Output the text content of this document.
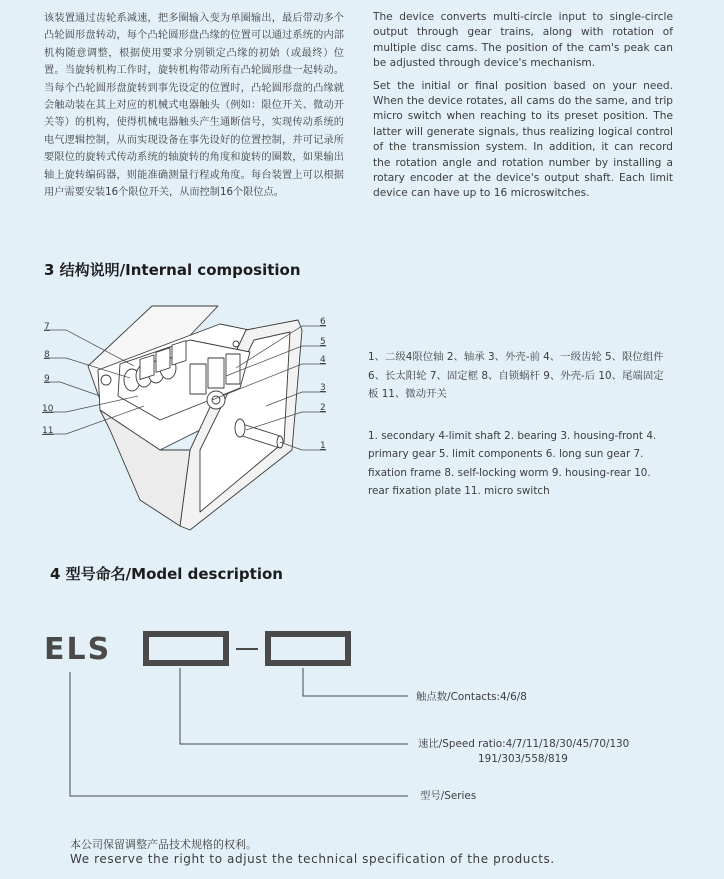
该装置通过齿轮系减速，把多圈输入变为单圈输出，最后带动多个凸轮圆形盘转动，每个凸轮圆形盘凸缘的位置可以通过系统的内部机构随意调整，根据使用要求分别锁定凸缘的初始（或最终）位置。当旋转机构工作时，旋转机构带动所有凸轮圆形盘一起转动。当每个凸轮圆形盘旋转到事先设定的位置时，凸轮圆形盘的凸缘就会触动装在其上对应的机械式电器触头（例如：限位开关、微动开关等）的机构，使得机械电器触头产生通断信号，实现传动系统的电气逻辑控制，从而实现设备在事先设好的位置控制，并可记录所要限位的旋转式传动系统的轴旋转的角度和旋转的圈数，如果输出轴上旋转编码器，则能准确测量行程或角度。每台装置上可以根据用户需要安装16个限位开关，从而控制16个限位点。

The device converts multi-circle input to single-circle output through gear trains, along with rotation of multiple disc cams. The position of the cam's peak can be adjusted through device's mechanism.

Set the initial or final position based on your need. When the device rotates, all cams do the same, and trip micro switch when reaching to its preset position. The latter will generate signals, thus realizing logical control of the transmission system. In addition, it can record the rotation angle and rotation number by installing a rotary encoder at the device's output shaft. Each limit device can have up to 16 microswitches.

3 结构说明/Internal composition
7
8
9
10
11
6
5
4
3
2
1
1、二级4限位轴 2、轴承 3、外壳-前 4、一级齿轮 5、限位组件 6、长太阳轮 7、固定框 8、自锁蜗杆 9、外壳-后 10、尾端固定板 11、微动开关
1. secondary 4-limit shaft 2. bearing 3. housing-front 4. primary gear 5. limit components 6. long sun gear 7. fixation frame 8. self-locking worm 9. housing-rear 10. rear fixation plate 11. micro switch
4 型号命名/Model description
ELS
触点数/Contacts:4/6/8
速比/Speed ratio:4/7/11/18/30/45/70/130
191/303/558/819
型号/Series
本公司保留调整产品技术规格的权利。
We reserve the right to adjust the technical specification of the products.
